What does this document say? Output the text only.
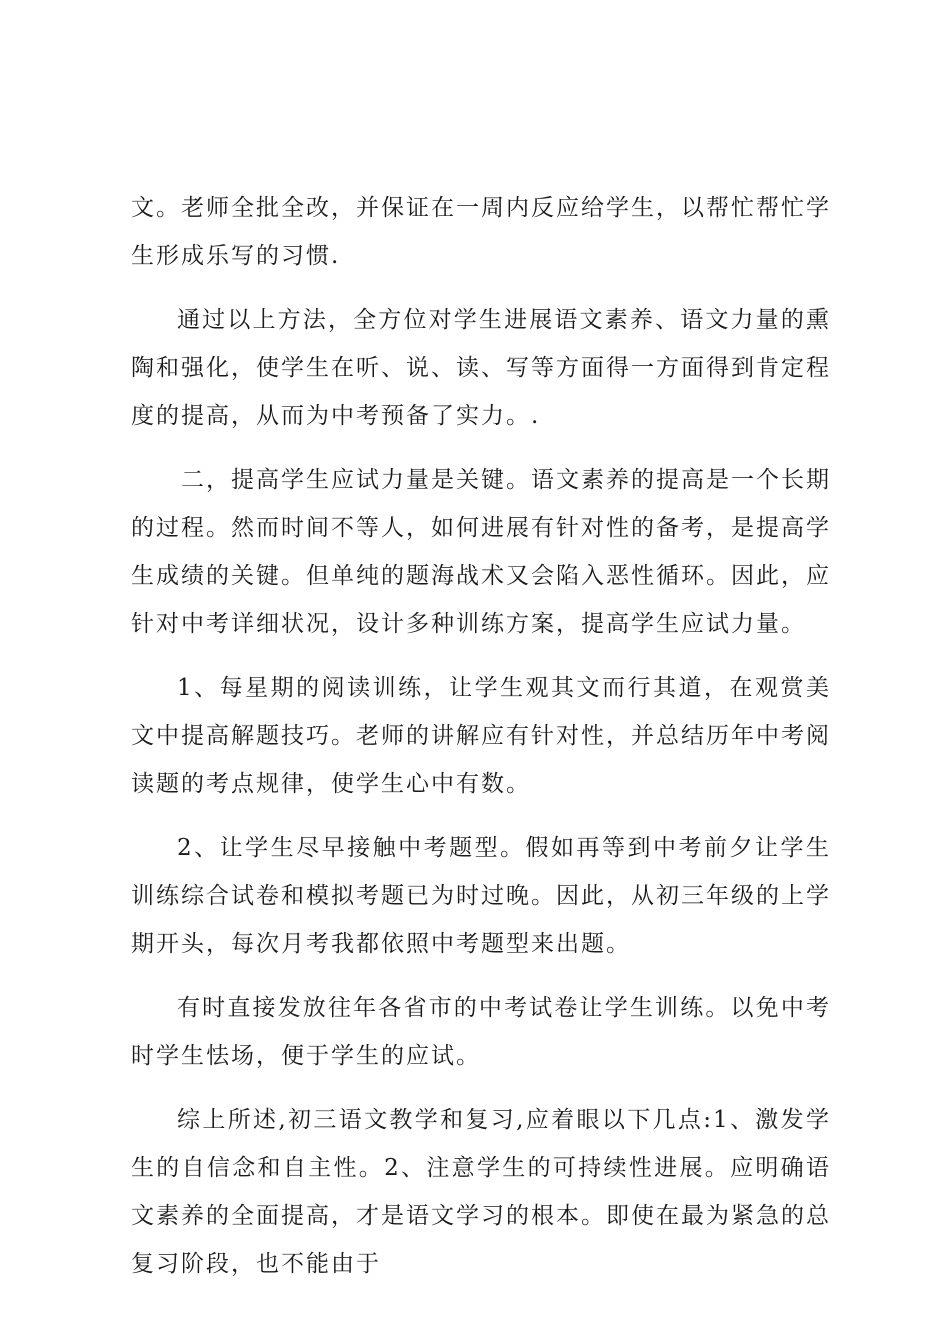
文。老师全批全改，并保证在一周内反应给学生，以帮忙帮忙学生形成乐写的习惯.

通过以上方法，全方位对学生进展语文素养、语文力量的熏陶和强化，使学生在听、说、读、写等方面得一方面得到肯定程度的提高，从而为中考预备了实力。.

二，提高学生应试力量是关键。语文素养的提高是一个长期的过程。然而时间不等人，如何进展有针对性的备考，是提高学生成绩的关键。但单纯的题海战术又会陷入恶性循环。因此，应针对中考详细状况，设计多种训练方案，提高学生应试力量。

1、每星期的阅读训练，让学生观其文而行其道，在观赏美文中提高解题技巧。老师的讲解应有针对性，并总结历年中考阅读题的考点规律，使学生心中有数。

2、让学生尽早接触中考题型。假如再等到中考前夕让学生训练综合试卷和模拟考题已为时过晚。因此，从初三年级的上学期开头，每次月考我都依照中考题型来出题。

有时直接发放往年各省市的中考试卷让学生训练。以免中考时学生怯场，便于学生的应试。

综上所述,初三语文教学和复习,应着眼以下几点:1、激发学生的自信念和自主性。2、注意学生的可持续性进展。应明确语文素养的全面提高，才是语文学习的根本。即使在最为紧急的总复习阶段，也不能由于
